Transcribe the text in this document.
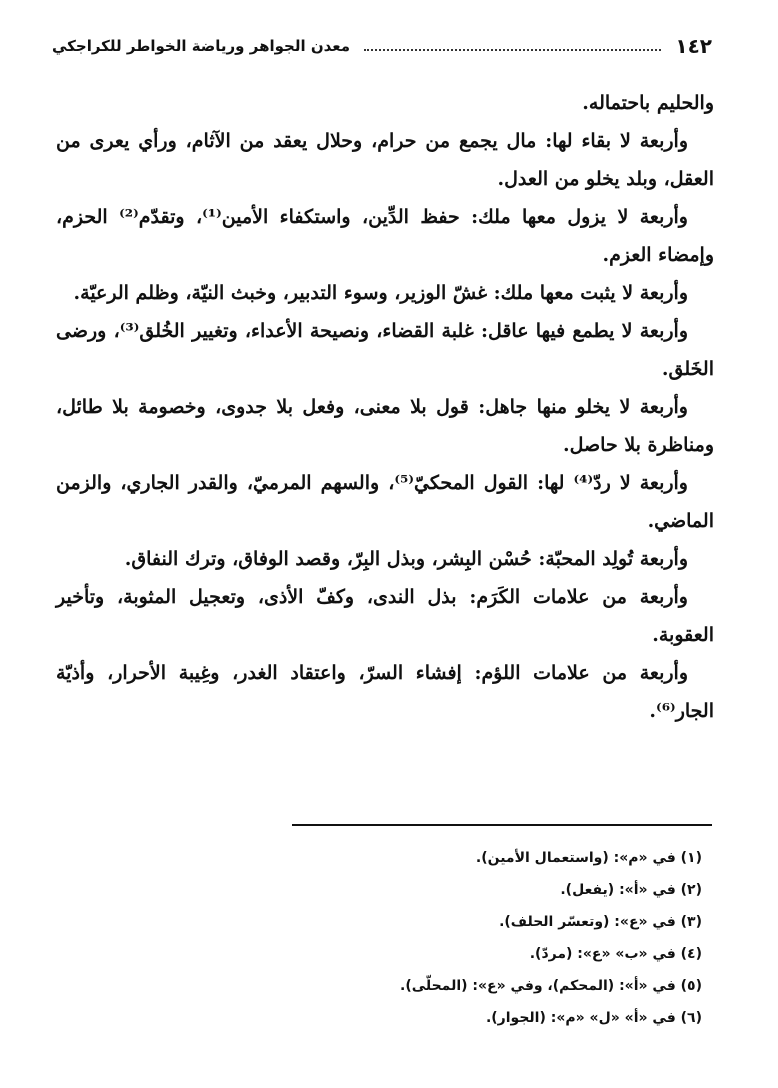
١٤٢
معدن الجواهر ورياضة الخواطر للكراجكي

والحليم باحتماله.

وأربعة لا بقاء لها: مال يجمع من حرام، وحلال يعقد من الآثام، ورأي يعرى من العقل، وبلد يخلو من العدل.

وأربعة لا يزول معها ملك: حفظ الدِّين، واستكفاء الأمين⁽¹⁾، وتقدّم⁽²⁾ الحزم، وإمضاء العزم.

وأربعة لا يثبت معها ملك: غشّ الوزير، وسوء التدبير، وخبث النيّة، وظلم الرعيّة.

وأربعة لا يطمع فيها عاقل: غلبة القضاء، ونصيحة الأعداء، وتغيير الخُلق⁽³⁾، ورضى الخَلق.

وأربعة لا يخلو منها جاهل: قول بلا معنى، وفعل بلا جدوى، وخصومة بلا طائل، ومناظرة بلا حاصل.

وأربعة لا ردّ⁽⁴⁾ لها: القول المحكيّ⁽⁵⁾، والسهم المرميّ، والقدر الجاري، والزمن الماضي.

وأربعة تُولِد المحبّة: حُسْن البِشر، وبذل البِرّ، وقصد الوفاق، وترك النفاق.

وأربعة من علامات الكَرَم: بذل الندى، وكفّ الأذى، وتعجيل المثوبة، وتأخير العقوبة.

وأربعة من علامات اللؤم: إفشاء السرّ، واعتقاد الغدر، وغِيبة الأحرار، وأذيّة الجار⁽⁶⁾.

(١) في «م»: (واستعمال الأمين).

(٢) في «أ»: (يفعل).

(٣) في «ع»: (وتعسّر الحلف).

(٤) في «ب» «ع»: (مردّ).

(٥) في «أ»: (المحكم)، وفي «ع»: (المحلّى).

(٦) في «أ» «ل» «م»: (الجوار).
